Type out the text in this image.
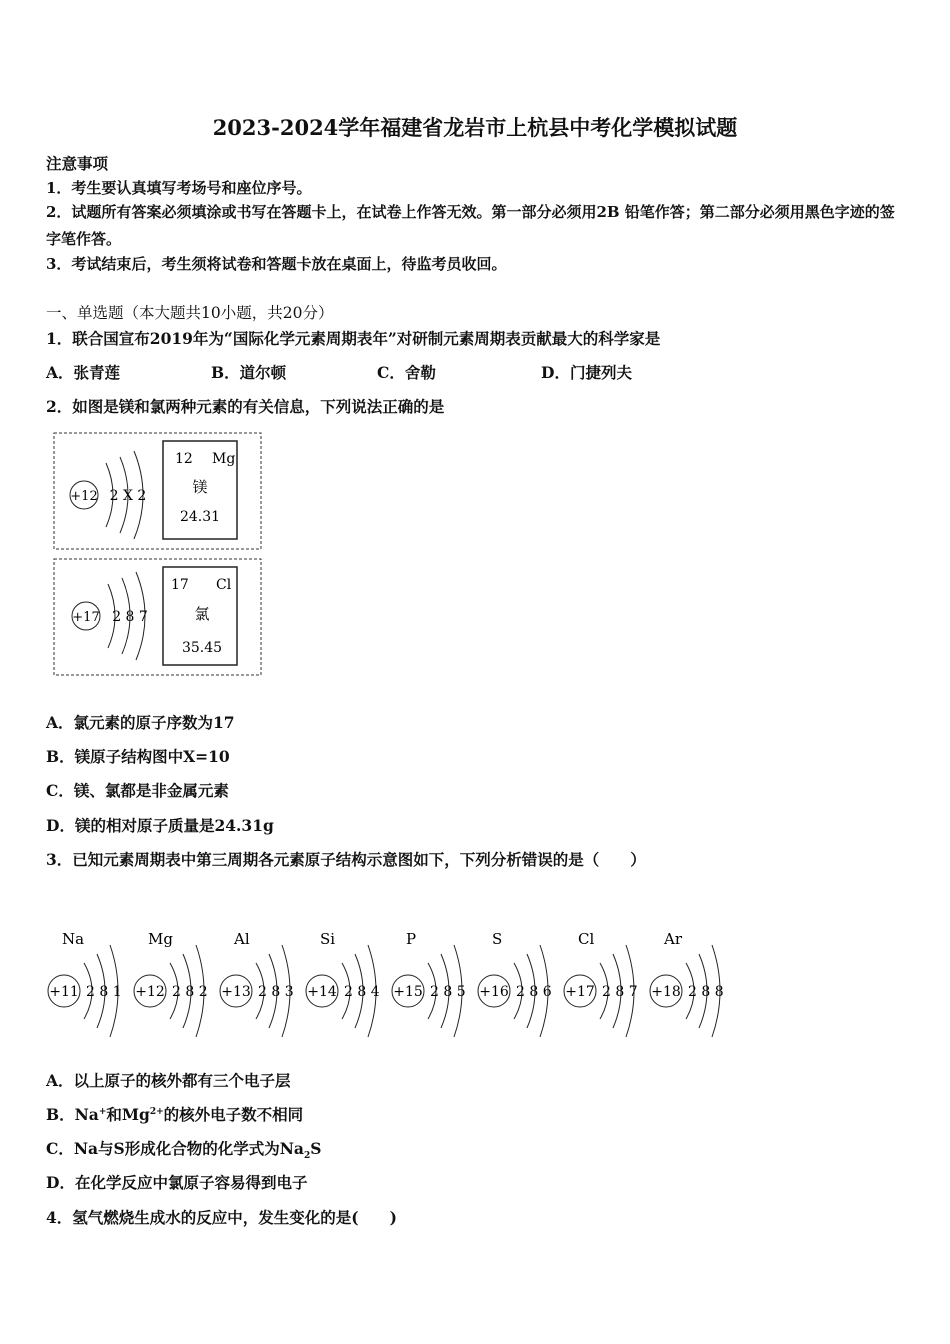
2023-2024学年福建省龙岩市上杭县中考化学模拟试题
注意事项
1．考生要认真填写考场号和座位序号。
2．试题所有答案必须填涂或书写在答题卡上，在试卷上作答无效。第一部分必须用2B 铅笔作答；第二部分必须用黑色字迹的签字笔作答。
3．考试结束后，考生须将试卷和答题卡放在桌面上，待监考员收回。
一、单选题（本大题共10小题，共20分）
1．联合国宣布2019年为“国际化学元素周期表年”对研制元素周期表贡献最大的科学家是
A．张青莲	B．道尔顿	C．舍勒	D．门捷列夫
2．如图是镁和氯两种元素的有关信息，下列说法正确的是
+12 2 X 2
12 Mg
镁
24.31
+17 2 8 7
17 Cl
氯
35.45
A．氯元素的原子序数为17
B．镁原子结构图中X=10
C．镁、氯都是非金属元素
D．镁的相对原子质量是24.31g
3．已知元素周期表中第三周期各元素原子结构示意图如下，下列分析错误的是（　　）
Na
+11 2 8 1
Mg
+12 2 8 2
Al
+13 2 8 3
Si
+14 2 8 4
P
+15 2 8 5
S
+16 2 8 6
Cl
+17 2 8 7
Ar
+18 2 8 8
A．以上原子的核外都有三个电子层
B．Na+和$Mg^{2+}$的核外电子数不相同
C．Na与S形成化合物的化学式为$Na_2S$
D．在化学反应中氯原子容易得到电子
4．氢气燃烧生成水的反应中，发生变化的是(　　)
